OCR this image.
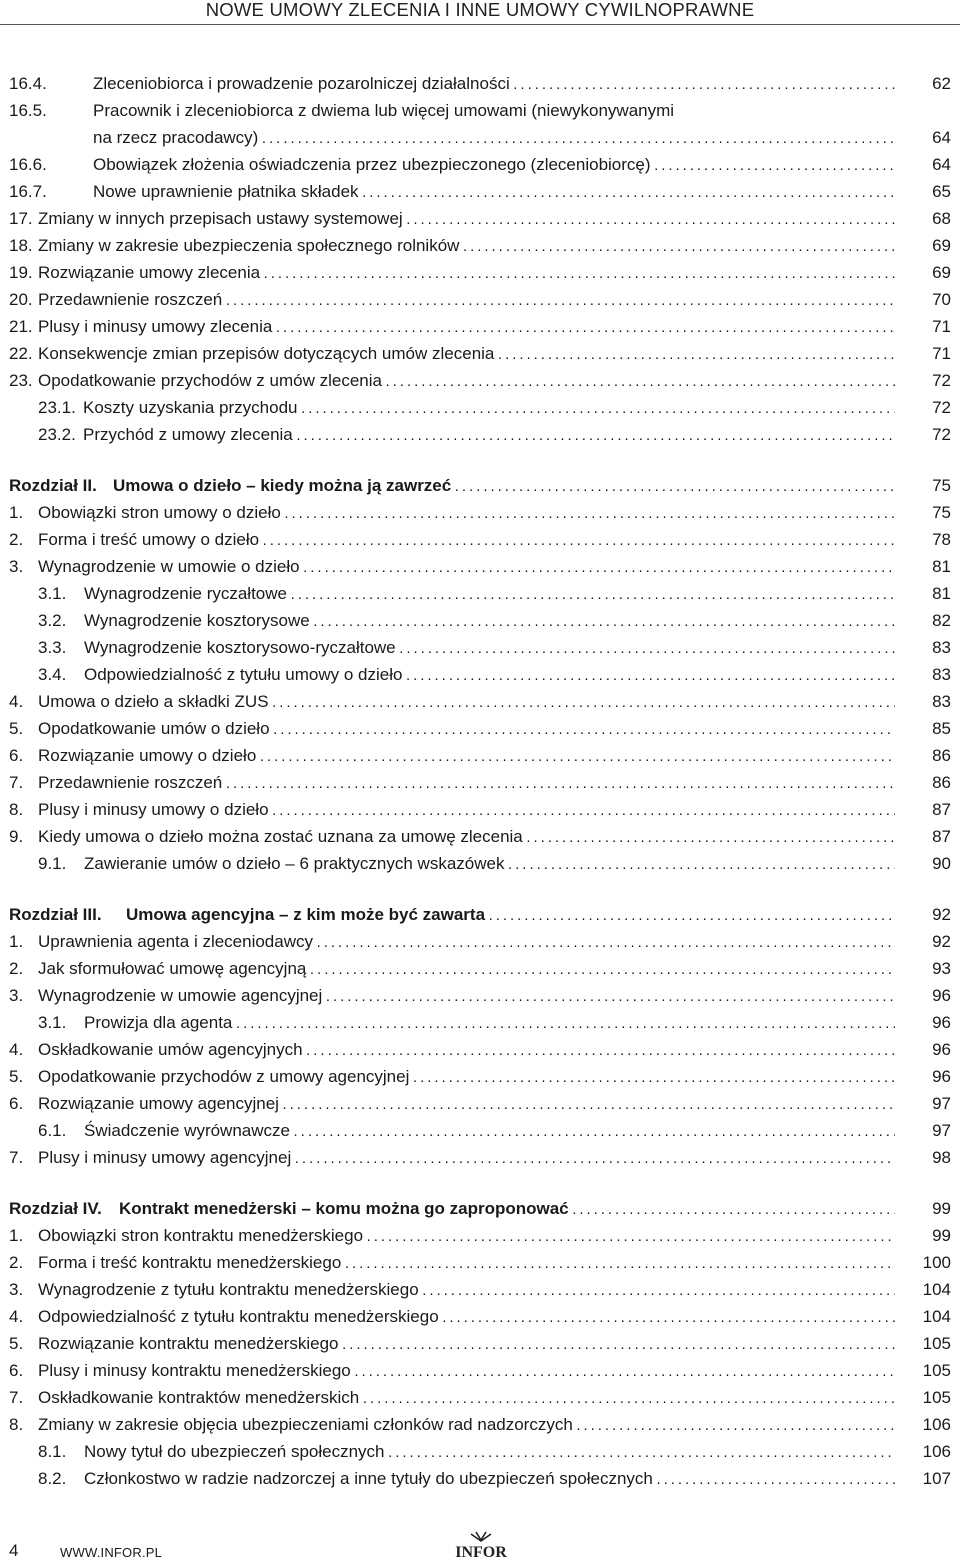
NOWE UMOWY ZLECENIA I INNE UMOWY CYWILNOPRAWNE
16.4.	Zleceniobiorca i prowadzenie pozarolniczej działalności . . .	62
16.5.	Pracownik i zleceniobiorca z dwiema lub więcej umowami (niewykonywanymi
na rzecz pracodawcy) . . .	64
16.6.	Obowiązek złożenia oświadczenia przez ubezpieczonego (zleceniobiorcę) . . .	64
16.7.	Nowe uprawnienie płatnika składek . . .	65
17. Zmiany w innych przepisach ustawy systemowej . . .	68
18. Zmiany w zakresie ubezpieczenia społecznego rolników . . .	69
19. Rozwiązanie umowy zlecenia . . .	69
20. Przedawnienie roszczeń . . .	70
21. Plusy i minusy umowy zlecenia . . .	71
22. Konsekwencje zmian przepisów dotyczących umów zlecenia . . .	71
23. Opodatkowanie przychodów z umów zlecenia . . .	72
23.1. Koszty uzyskania przychodu . . .	72
23.2. Przychód z umowy zlecenia . . .	72
Rozdział II. Umowa o dzieło – kiedy można ją zawrzeć . . .	75
1. Obowiązki stron umowy o dzieło . . .	75
2. Forma i treść umowy o dzieło . . .	78
3. Wynagrodzenie w umowie o dzieło . . .	81
3.1. Wynagrodzenie ryczałtowe . . .	81
3.2. Wynagrodzenie kosztorysowe . . .	82
3.3. Wynagrodzenie kosztorysowo-ryczałtowe . . .	83
3.4. Odpowiedzialność z tytułu umowy o dzieło . . .	83
4. Umowa o dzieło a składki ZUS . . .	83
5. Opodatkowanie umów o dzieło . . .	85
6. Rozwiązanie umowy o dzieło . . .	86
7. Przedawnienie roszczeń . . .	86
8. Plusy i minusy umowy o dzieło . . .	87
9. Kiedy umowa o dzieło można zostać uznana za umowę zlecenia . . .	87
9.1. Zawieranie umów o dzieło – 6 praktycznych wskazówek . . .	90
Rozdział III. Umowa agencyjna – z kim może być zawarta . . .	92
1. Uprawnienia agenta i zleceniodawcy . . .	92
2. Jak sformułować umowę agencyjną . . .	93
3. Wynagrodzenie w umowie agencyjnej . . .	96
3.1. Prowizja dla agenta . . .	96
4. Oskładkowanie umów agencyjnych . . .	96
5. Opodatkowanie przychodów z umowy agencyjnej . . .	96
6. Rozwiązanie umowy agencyjnej . . .	97
6.1. Świadczenie wyrównawcze . . .	97
7. Plusy i minusy umowy agencyjnej . . .	98
Rozdział IV. Kontrakt menedżerski – komu można go zaproponować . . .	99
1. Obowiązki stron kontraktu menedżerskiego . . .	99
2. Forma i treść kontraktu menedżerskiego . . .	100
3. Wynagrodzenie z tytułu kontraktu menedżerskiego . . .	104
4. Odpowiedzialność z tytułu kontraktu menedżerskiego . . .	104
5. Rozwiązanie kontraktu menedżerskiego . . .	105
6. Plusy i minusy kontraktu menedżerskiego . . .	105
7. Oskładkowanie kontraktów menedżerskich . . .	105
8. Zmiany w zakresie objęcia ubezpieczeniami członków rad nadzorczych . . .	106
8.1. Nowy tytuł do ubezpieczeń społecznych . . .	106
8.2. Członkostwo w radzie nadzorczej a inne tytuły do ubezpieczeń społecznych . . .	107
4	WWW.INFOR.PL	INFOR
